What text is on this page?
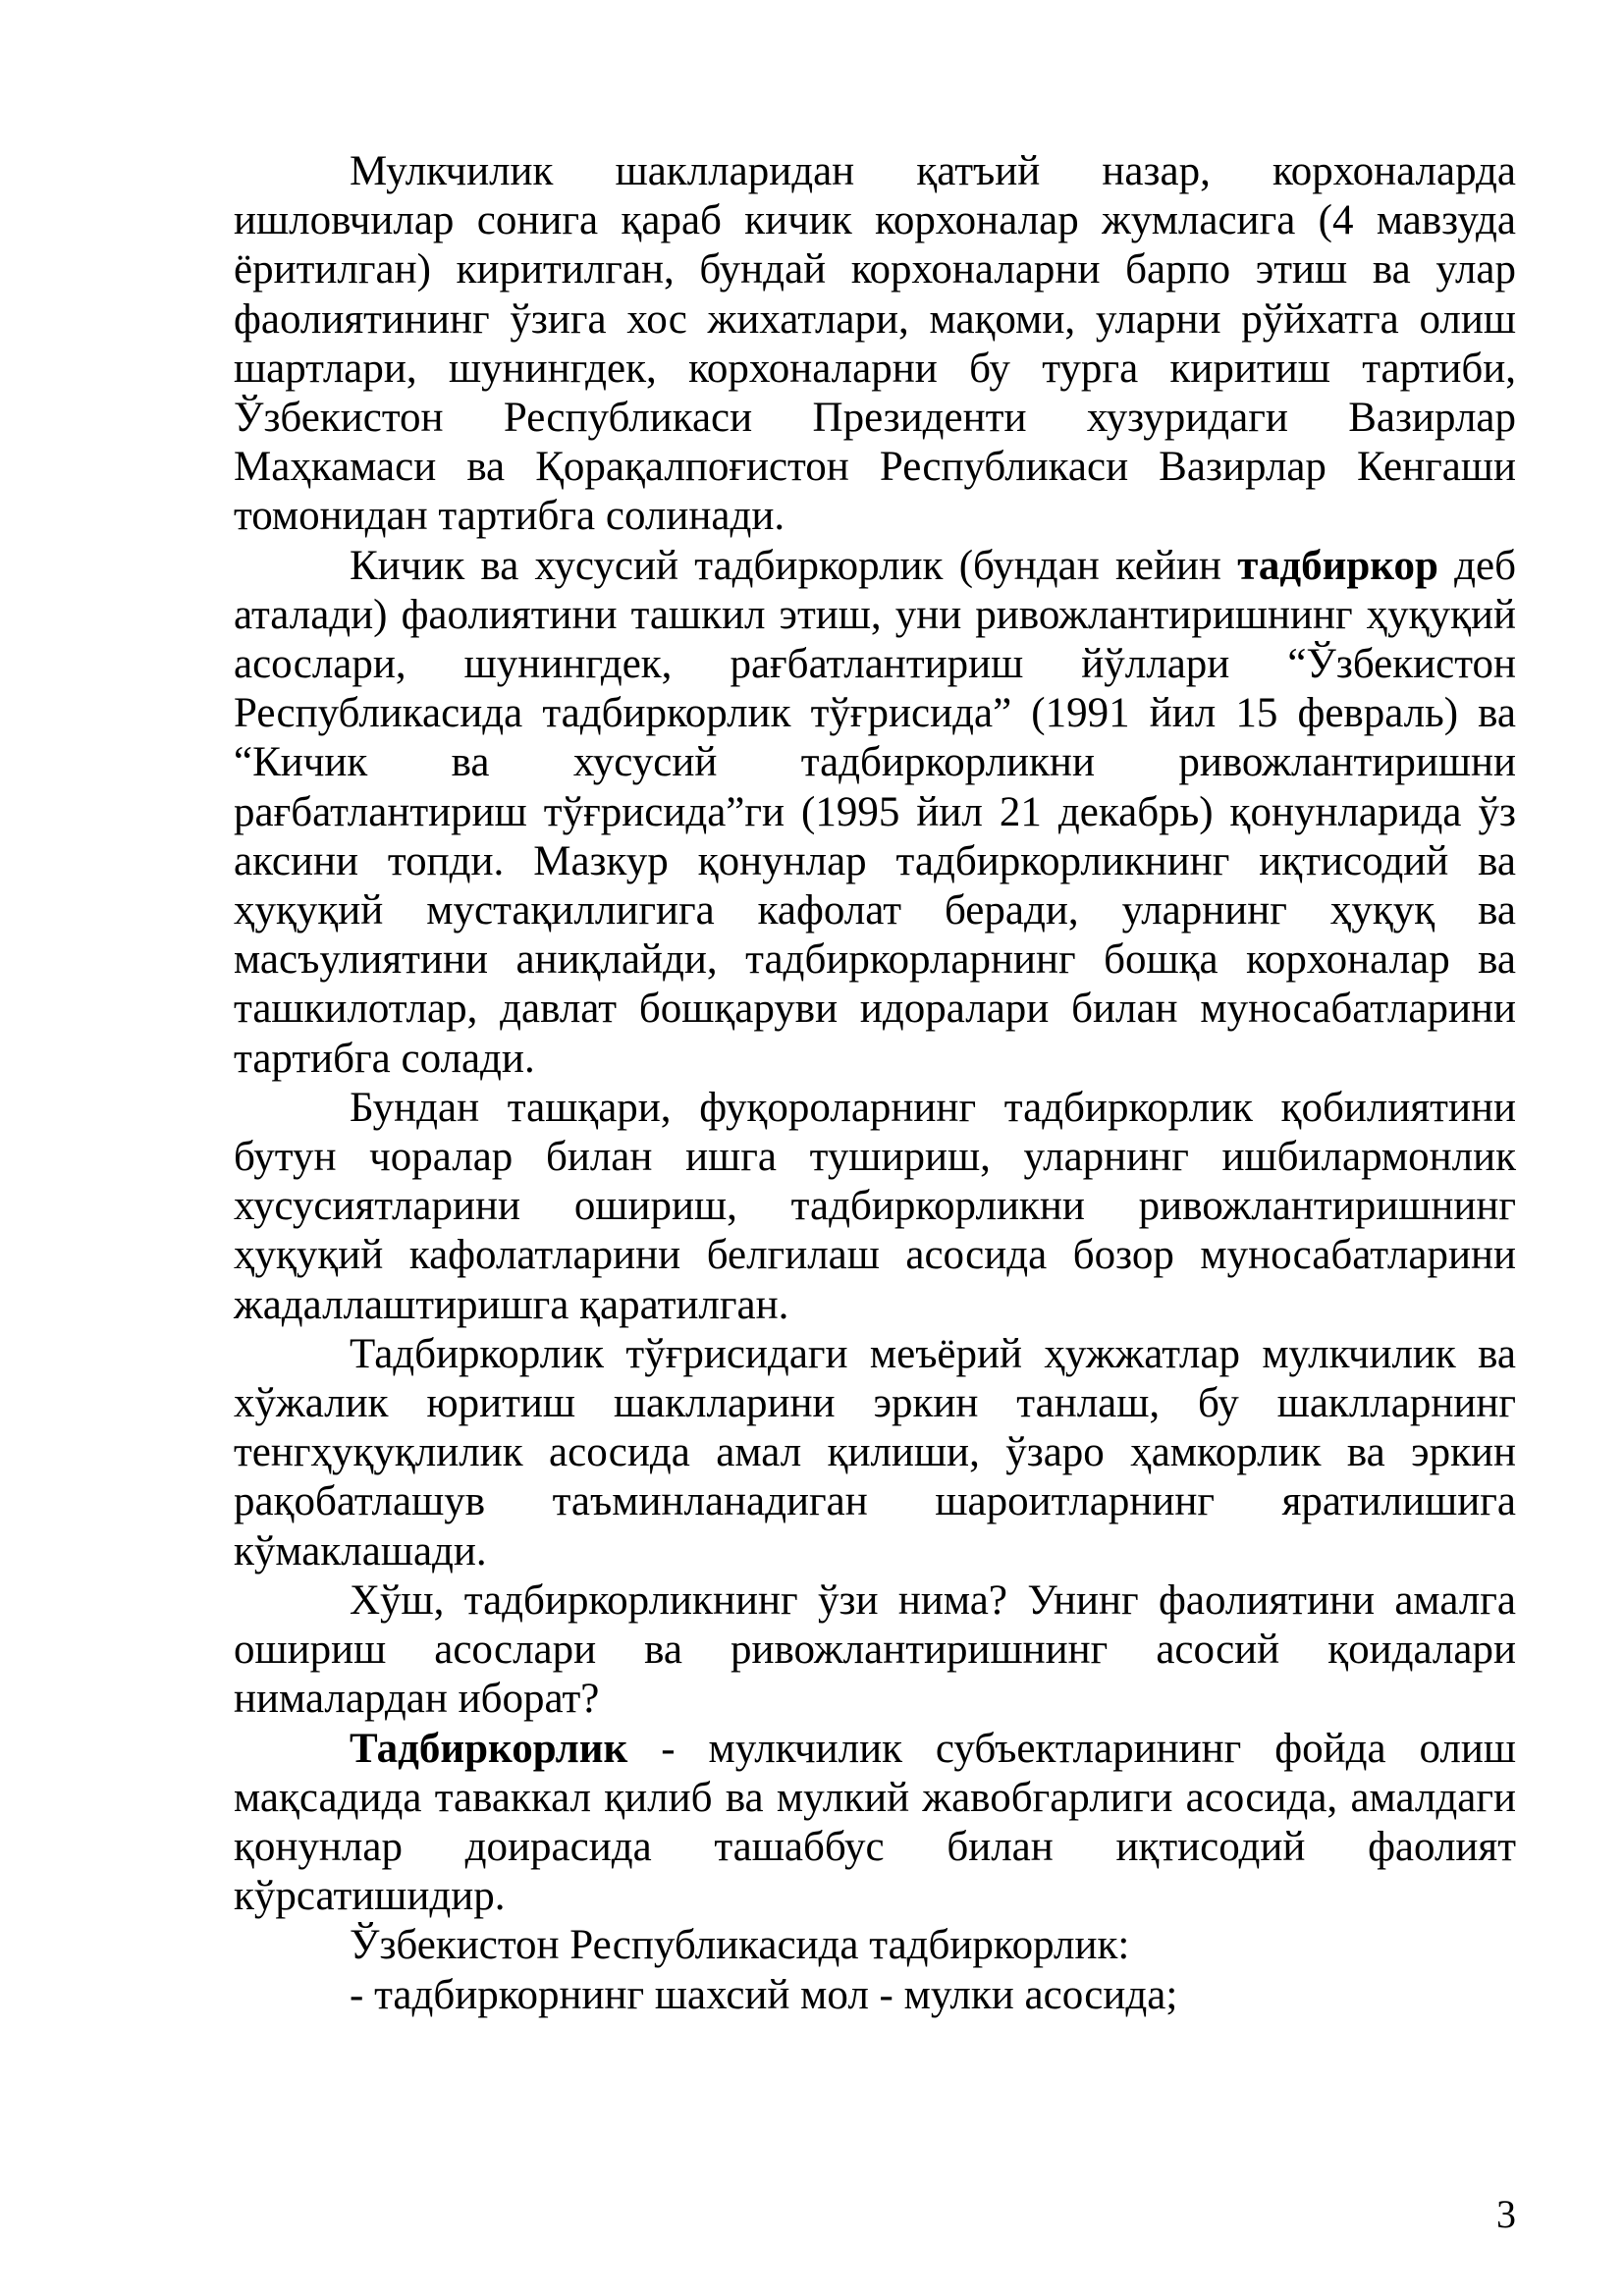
Мулкчилик шаклларидан қатъий назар, корхоналарда ишловчилар сонига қараб кичик корхоналар жумласига (4 мавзуда ёритилган) киритилган, бундай корхоналарни барпо этиш ва улар фаолиятининг ўзига хос жихатлари, мақоми, уларни рўйхатга олиш шартлари, шунингдек, корхоналарни бу турга киритиш тартиби, Ўзбекистон Республикаси Президенти хузуридаги Вазирлар Маҳкамаси ва Қорақалпоғистон Республикаси Вазирлар Кенгаши томонидан тартибга солинади.

Кичик ва хусусий тадбиркорлик (бундан кейин тадбиркор деб аталади) фаолиятини ташкил этиш, уни ривожлантиришнинг ҳуқуқий асослари, шунингдек, рағбатлантириш йўллари “Ўзбекистон Республикасида тадбиркорлик тўғрисида” (1991 йил 15 февраль) ва “Кичик ва хусусий тадбиркорликни ривожлантиришни рағбатлантириш тўғрисида”ги (1995 йил 21 декабрь) қонунларида ўз аксини топди. Мазкур қонунлар тадбиркорликнинг иқтисодий ва ҳуқуқий мустақиллигига кафолат беради, уларнинг ҳуқуқ ва масъулиятини аниқлайди, тадбиркорларнинг бошқа корхоналар ва ташкилотлар, давлат бошқаруви идоралари билан муносабатларини тартибга солади.

Бундан ташқари, фуқороларнинг тадбиркорлик қобилиятини бутун чоралар билан ишга тушириш, уларнинг ишбилармонлик хусусиятларини ошириш, тадбиркорликни ривожлантиришнинг ҳуқуқий кафолатларини белгилаш асосида бозор муносабатларини жадаллаштиришга қаратилган.

Тадбиркорлик тўғрисидаги меъёрий ҳужжатлар мулкчилик ва хўжалик юритиш шаклларини эркин танлаш, бу шаклларнинг тенгҳуқуқлилик асосида амал қилиши, ўзаро ҳамкорлик ва эркин рақобатлашув таъминланадиган шароитларнинг яратилишига кўмаклашади.

Хўш, тадбиркорликнинг ўзи нима? Унинг фаолиятини амалга ошириш асослари ва ривожлантиришнинг асосий қоидалари нималардан иборат?

Тадбиркорлик - мулкчилик субъектларининг фойда олиш мақсадида таваккал қилиб ва мулкий жавобгарлиги асосида, амалдаги қонунлар доирасида ташаббус билан иқтисодий фаолият кўрсатишидир.

Ўзбекистон Республикасида тадбиркорлик:

- тадбиркорнинг шахсий мол - мулки асосида;

3
